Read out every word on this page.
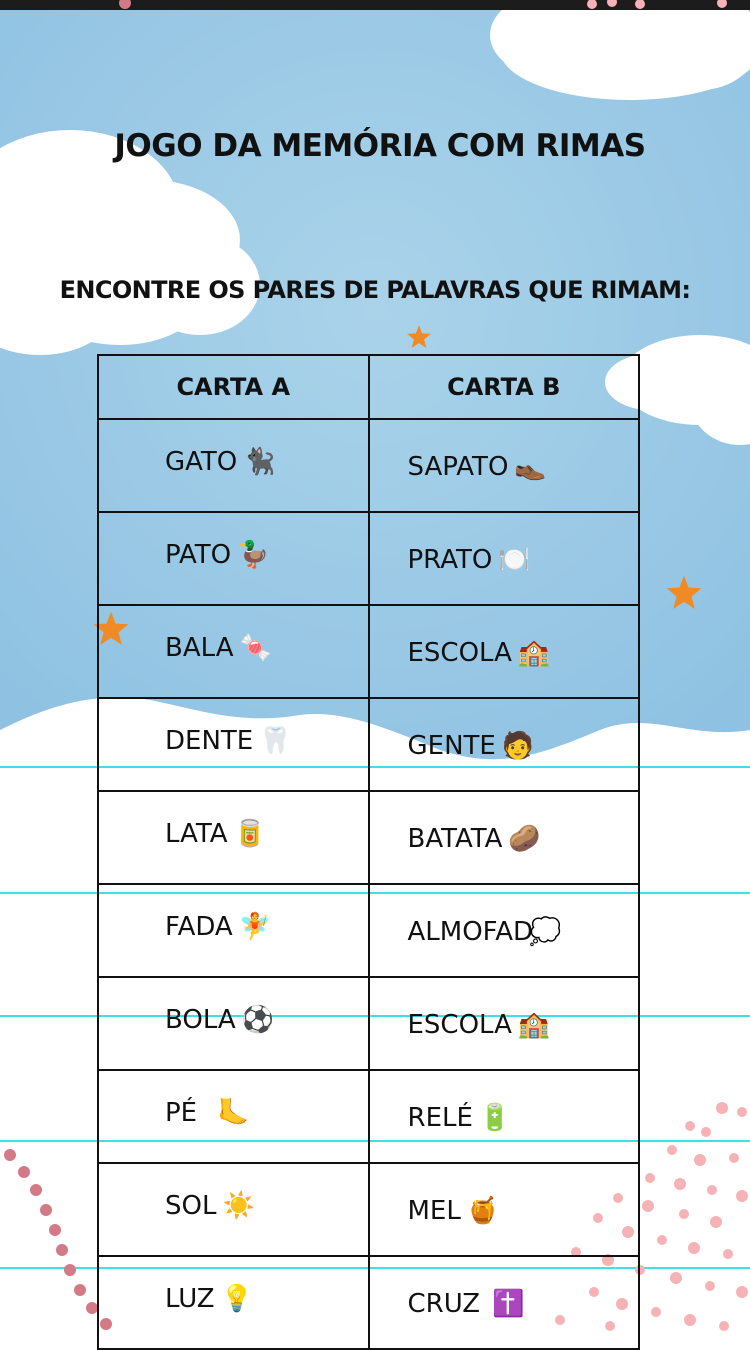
JOGO DA MEMÓRIA COM RIMAS
ENCONTRE OS PARES DE PALAVRAS QUE RIMAM:
CARTA A	CARTA B
GATO 🐈‍⬛	SAPATO 👞
PATO 🦆	PRATO 🍽️
BALA 🍬	ESCOLA 🏫
DENTE 🦷	GENTE 🧑
LATA 🥫	BATATA 🥔
FADA 🧚	ALMOFAD💭
BOLA ⚽	ESCOLA 🏫
PÉ 🦶	RELÉ 🔋
SOL ☀️	MEL 🍯
LUZ 💡	CRUZ ✝️
